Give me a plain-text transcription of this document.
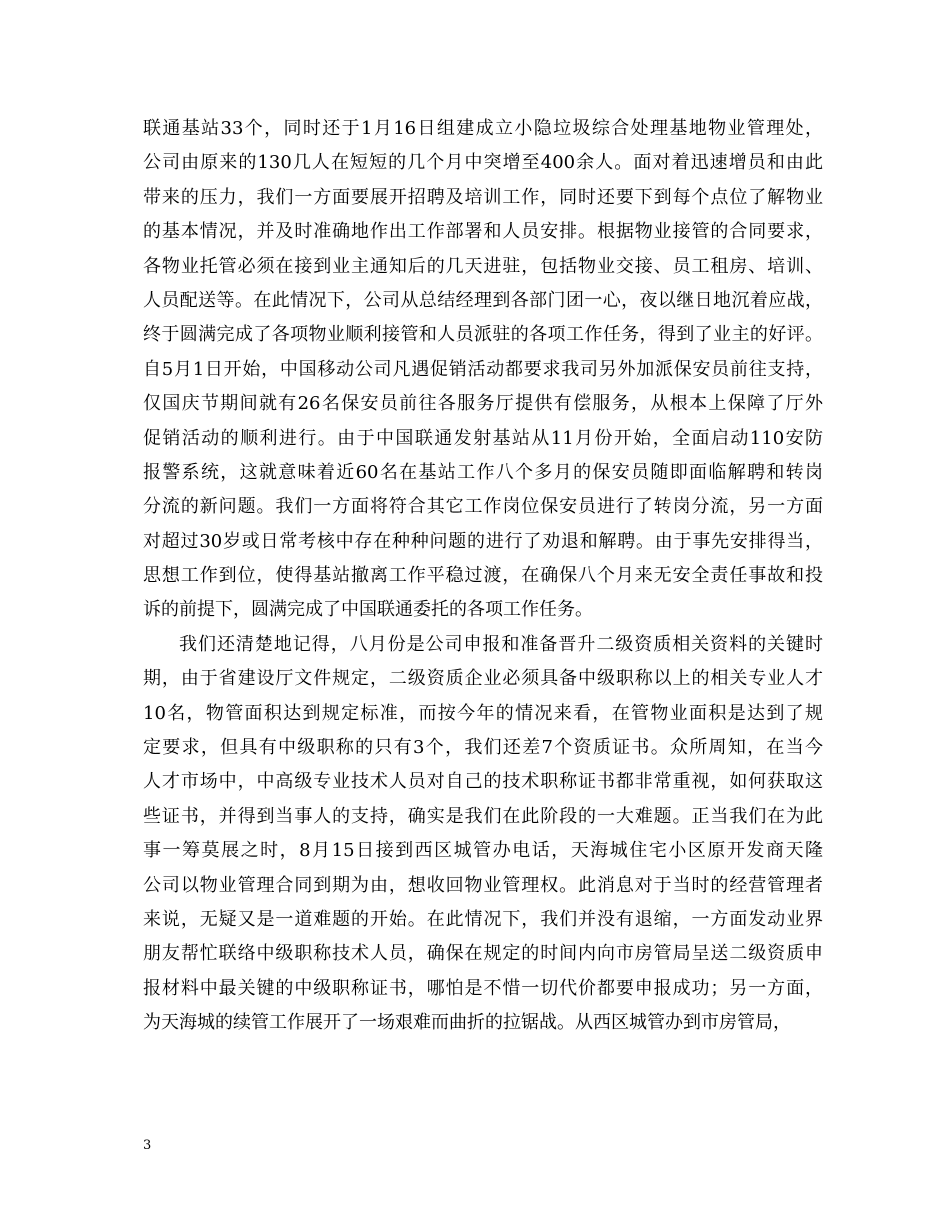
联通基站33个，同时还于1月16日组建成立小隐垃圾综合处理基地物业管理处，
公司由原来的130几人在短短的几个月中突增至400余人。面对着迅速增员和由此
带来的压力，我们一方面要展开招聘及培训工作，同时还要下到每个点位了解物业
的基本情况，并及时准确地作出工作部署和人员安排。根据物业接管的合同要求，
各物业托管必须在接到业主通知后的几天进驻，包括物业交接、员工租房、培训、
人员配送等。在此情况下，公司从总结经理到各部门团一心，夜以继日地沉着应战，
终于圆满完成了各项物业顺利接管和人员派驻的各项工作任务，得到了业主的好评。
自5月1日开始，中国移动公司凡遇促销活动都要求我司另外加派保安员前往支持，
仅国庆节期间就有26名保安员前往各服务厅提供有偿服务，从根本上保障了厅外
促销活动的顺利进行。由于中国联通发射基站从11月份开始，全面启动110安防
报警系统，这就意味着近60名在基站工作八个多月的保安员随即面临解聘和转岗
分流的新问题。我们一方面将符合其它工作岗位保安员进行了转岗分流，另一方面
对超过30岁或日常考核中存在种种问题的进行了劝退和解聘。由于事先安排得当，
思想工作到位，使得基站撤离工作平稳过渡，在确保八个月来无安全责任事故和投
诉的前提下，圆满完成了中国联通委托的各项工作任务。
我们还清楚地记得，八月份是公司申报和准备晋升二级资质相关资料的关键时
期，由于省建设厅文件规定，二级资质企业必须具备中级职称以上的相关专业人才
10名，物管面积达到规定标准，而按今年的情况来看，在管物业面积是达到了规
定要求，但具有中级职称的只有3个，我们还差7个资质证书。众所周知，在当今
人才市场中，中高级专业技术人员对自己的技术职称证书都非常重视，如何获取这
些证书，并得到当事人的支持，确实是我们在此阶段的一大难题。正当我们在为此
事一筹莫展之时，8月15日接到西区城管办电话，天海城住宅小区原开发商天隆
公司以物业管理合同到期为由，想收回物业管理权。此消息对于当时的经营管理者
来说，无疑又是一道难题的开始。在此情况下，我们并没有退缩，一方面发动业界
朋友帮忙联络中级职称技术人员，确保在规定的时间内向市房管局呈送二级资质申
报材料中最关键的中级职称证书，哪怕是不惜一切代价都要申报成功；另一方面，
为天海城的续管工作展开了一场艰难而曲折的拉锯战。从西区城管办到市房管局，
3
